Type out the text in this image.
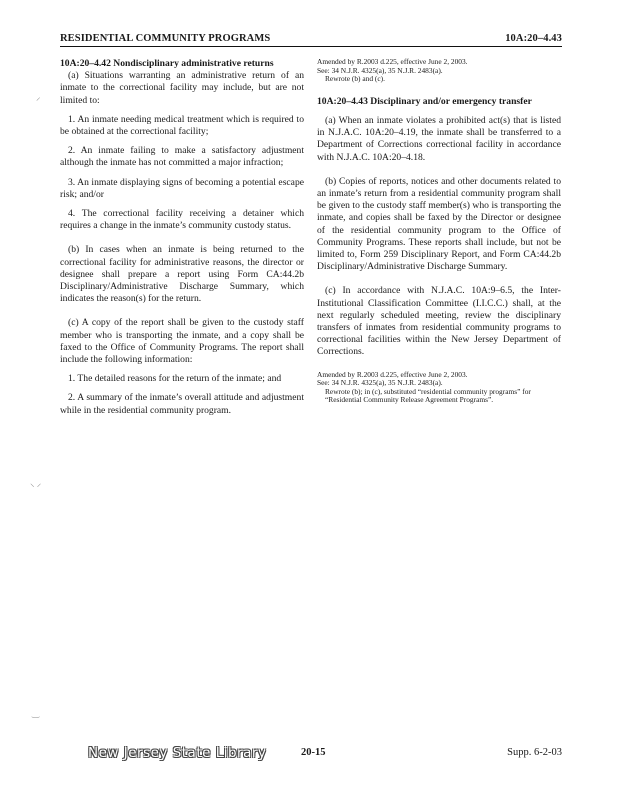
RESIDENTIAL COMMUNITY PROGRAMS	10A:20–4.43

10A:20–4.42 Nondisciplinary administrative returns

(a) Situations warranting an administrative return of an inmate to the correctional facility may include, but are not limited to:

1. An inmate needing medical treatment which is required to be obtained at the correctional facility;

2. An inmate failing to make a satisfactory adjustment although the inmate has not committed a major infraction;

3. An inmate displaying signs of becoming a potential escape risk; and/or

4. The correctional facility receiving a detainer which requires a change in the inmate’s community custody status.

(b) In cases when an inmate is being returned to the correctional facility for administrative reasons, the director or designee shall prepare a report using Form CA:44.2b Disciplinary/Administrative Discharge Summary, which indicates the reason(s) for the return.

(c) A copy of the report shall be given to the custody staff member who is transporting the inmate, and a copy shall be faxed to the Office of Community Programs. The report shall include the following information:

1. The detailed reasons for the return of the inmate; and

2. A summary of the inmate’s overall attitude and adjustment while in the residential community program.

Amended by R.2003 d.225, effective June 2, 2003.

See: 34 N.J.R. 4325(a), 35 N.J.R. 2483(a).

Rewrote (b) and (c).

10A:20–4.43 Disciplinary and/or emergency transfer

(a) When an inmate violates a prohibited act(s) that is listed in N.J.A.C. 10A:20–4.19, the inmate shall be transferred to a Department of Corrections correctional facility in accordance with N.J.A.C. 10A:20–4.18.

(b) Copies of reports, notices and other documents related to an inmate’s return from a residential community program shall be given to the custody staff member(s) who is transporting the inmate, and copies shall be faxed by the Director or designee of the residential community program to the Office of Community Programs. These reports shall include, but not be limited to, Form 259 Disciplinary Report, and Form CA:44.2b Disciplinary/Administrative Discharge Summary.

(c) In accordance with N.J.A.C. 10A:9–6.5, the Inter-Institutional Classification Committee (I.I.C.C.) shall, at the next regularly scheduled meeting, review the disciplinary transfers of inmates from residential community programs to correctional facilities within the New Jersey Department of Corrections.

Amended by R.2003 d.225, effective June 2, 2003.

See: 34 N.J.R. 4325(a), 35 N.J.R. 2483(a).

Rewrote (b); in (c), substituted “residential community programs” for “Residential Community Release Agreement Programs”.

⸝
⸌ ⸍
‿
New Jersey State Library	20-15	Supp. 6-2-03
